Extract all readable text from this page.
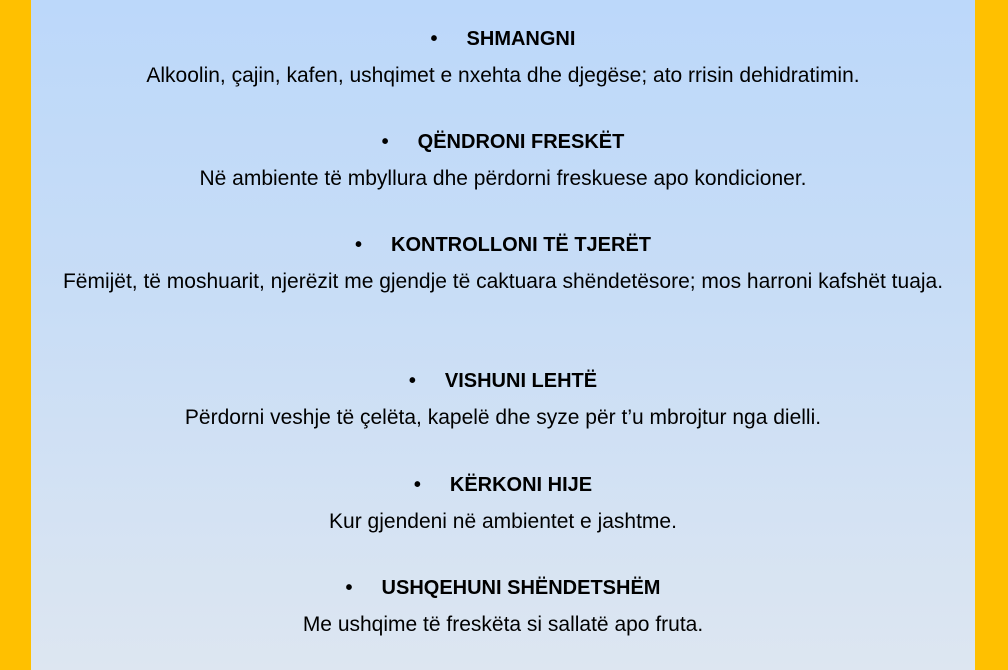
• SHMANGNI
Alkoolin, çajin, kafen, ushqimet e nxehta dhe djegëse; ato rrisin dehidratimin.
• QËNDRONI FRESKËT
Në ambiente të mbyllura dhe përdorni freskuese apo kondicioner.
• KONTROLLONI TË TJERËT
Fëmijët, të moshuarit, njerëzit me gjendje të caktuara shëndetësore; mos harroni kafshët tuaja.
• VISHUNI LEHTË
Përdorni veshje të çelëta, kapelë dhe syze për t’u mbrojtur nga dielli.
• KËRKONI HIJE
Kur gjendeni në ambientet e jashtme.
• USHQEHUNI SHËNDETSHËM
Me ushqime të freskëta si sallatë apo fruta.
